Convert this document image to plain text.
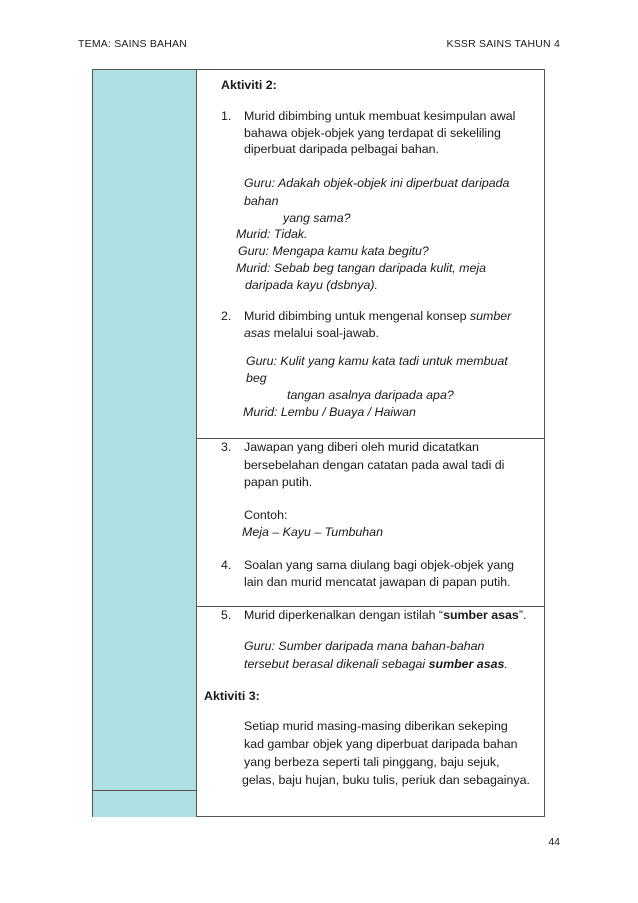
TEMA: SAINS BAHAN	KSSR SAINS TAHUN 4
Aktiviti 2:
1. Murid dibimbing untuk membuat kesimpulan awal
bahawa objek-objek yang terdapat di sekeliling
diperbuat daripada pelbagai bahan.
Guru: Adakah objek-objek ini diperbuat daripada
bahan
yang sama?
Murid: Tidak.
Guru: Mengapa kamu kata begitu?
Murid: Sebab beg tangan daripada kulit, meja
daripada kayu (dsbnya).
2. Murid dibimbing untuk mengenal konsep sumber
asas melalui soal-jawab.
Guru: Kulit yang kamu kata tadi untuk membuat
beg
tangan asalnya daripada apa?
Murid: Lembu / Buaya / Haiwan
3. Jawapan yang diberi oleh murid dicatatkan
bersebelahan dengan catatan pada awal tadi di
papan putih.
Contoh:
Meja – Kayu – Tumbuhan
4. Soalan yang sama diulang bagi objek-objek yang
lain dan murid mencatat jawapan di papan putih.
5. Murid diperkenalkan dengan istilah “sumber asas”.
Guru: Sumber daripada mana bahan-bahan
tersebut berasal dikenali sebagai sumber asas.
Aktiviti 3:
Setiap murid masing-masing diberikan sekeping
kad gambar objek yang diperbuat daripada bahan
yang berbeza seperti tali pinggang, baju sejuk,
gelas, baju hujan, buku tulis, periuk dan sebagainya.
44
